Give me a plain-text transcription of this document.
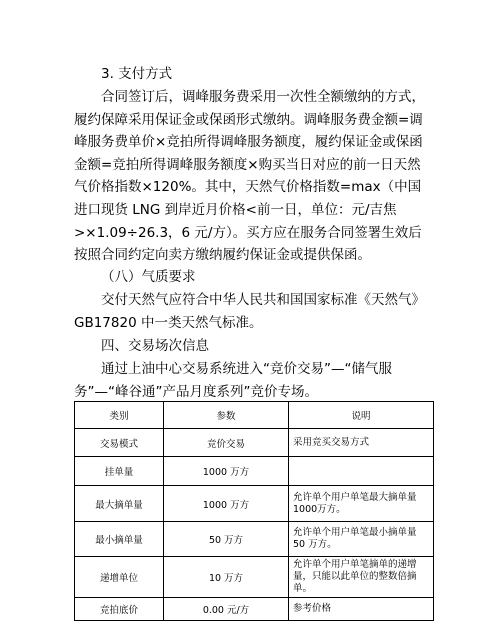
3. 支付方式

合同签订后，调峰服务费采用一次性全额缴纳的方式，履约保障采用保证金或保函形式缴纳。调峰服务费金额=调峰服务费单价×竞拍所得调峰服务额度，履约保证金或保函金额=竞拍所得调峰服务额度×购买当日对应的前一日天然气价格指数×120%。其中，天然气价格指数=max（中国进口现货 LNG 到岸近月价格<前一日，单位：元/吉焦>×1.09÷26.3，6 元/方）。买方应在服务合同签署生效后按照合同约定向卖方缴纳履约保证金或提供保函。

（八）气质要求

交付天然气应符合中华人民共和国国家标准《天然气》GB17820 中一类天然气标准。

四、交易场次信息

通过上油中心交易系统进入“竞价交易”—“储气服务”—“峰谷通”产品月度系列”竞价专场。

类别	参数	说明
交易模式	竞价交易	采用竞买交易方式
挂单量	1000 万方	
最大摘单量	1000 万方	允许单个用户单笔最大摘单量1000万方。
最小摘单量	50 万方	允许单个用户单笔最小摘单量 50 万方。
递增单位	10 万方	允许单个用户单笔摘单的递增量，只能以此单位的整数倍摘单。
竞拍底价	0.00 元/方	参考价格
